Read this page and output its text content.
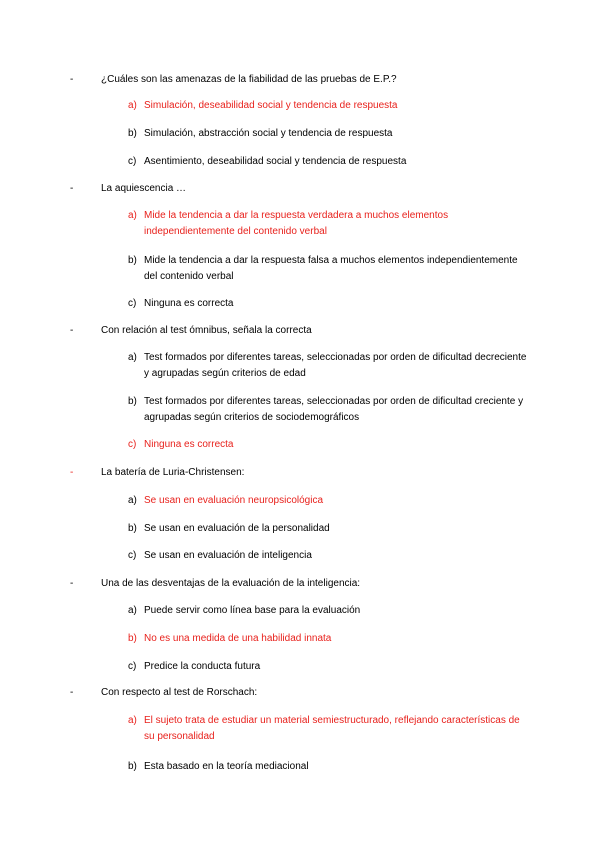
-	¿Cuáles son las amenazas de la fiabilidad de las pruebas de E.P.?
a) Simulación, deseabilidad social y tendencia de respuesta
b) Simulación, abstracción social y tendencia de respuesta
c) Asentimiento, deseabilidad social y tendencia de respuesta
-	La aquiescencia …
a) Mide la tendencia a dar la respuesta verdadera a muchos elementos independientemente del contenido verbal
b) Mide la tendencia a dar la respuesta falsa a muchos elementos independientemente del contenido verbal
c) Ninguna es correcta
-	Con relación al test ómnibus, señala la correcta
a) Test formados por diferentes tareas, seleccionadas por orden de dificultad decreciente y agrupadas según criterios de edad
b) Test formados por diferentes tareas, seleccionadas por orden de dificultad creciente y agrupadas según criterios de sociodemográficos
c) Ninguna es correcta
-	La batería de Luria-Christensen:
a) Se usan en evaluación neuropsicológica
b) Se usan en evaluación de la personalidad
c) Se usan en evaluación de inteligencia
-	Una de las desventajas de la evaluación de la inteligencia:
a) Puede servir como línea base para la evaluación
b) No es una medida de una habilidad innata
c) Predice la conducta futura
-	Con respecto al test de Rorschach:
a) El sujeto trata de estudiar un material semiestructurado, reflejando características de su personalidad
b) Esta basado en la teoría mediacional
